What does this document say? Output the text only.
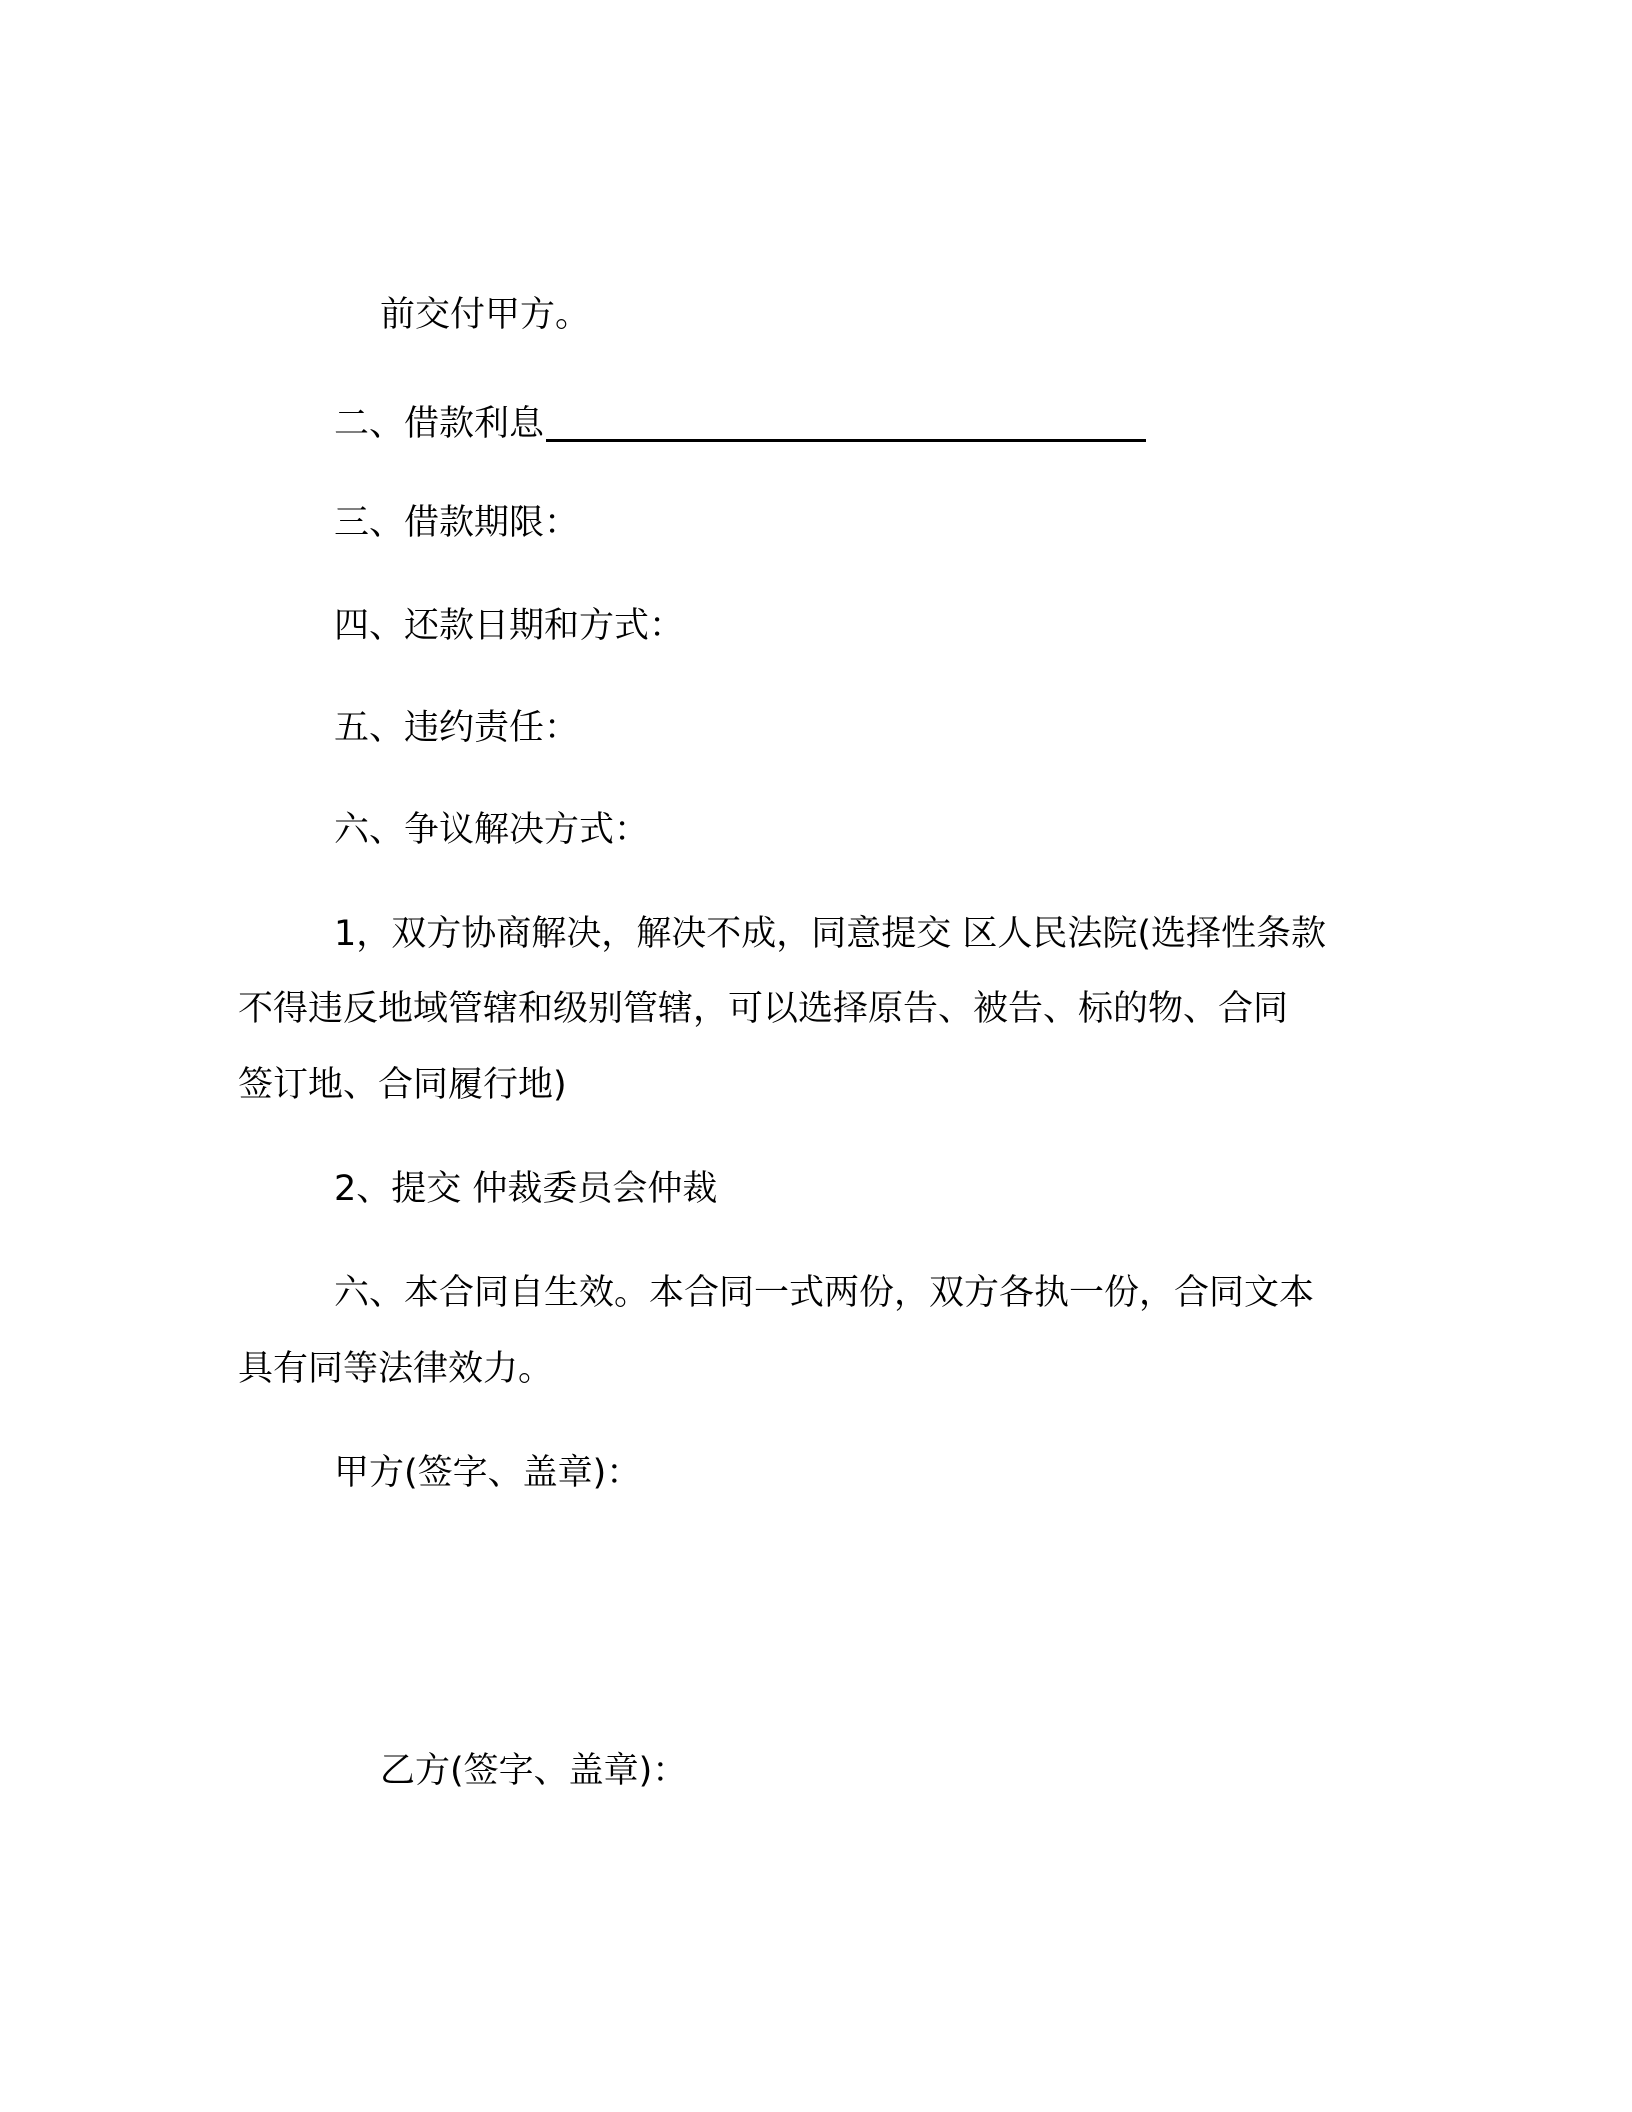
前交付甲方。
二、借款利息
三、借款期限：
四、还款日期和方式：
五、违约责任：
六、争议解决方式：
1，双方协商解决，解决不成，同意提交 区人民法院(选择性条款
不得违反地域管辖和级别管辖，可以选择原告、被告、标的物、合同
签订地、合同履行地)
2、提交 仲裁委员会仲裁
六、本合同自生效。本合同一式两份，双方各执一份，合同文本
具有同等法律效力。
甲方(签字、盖章)：
乙方(签字、盖章)：
